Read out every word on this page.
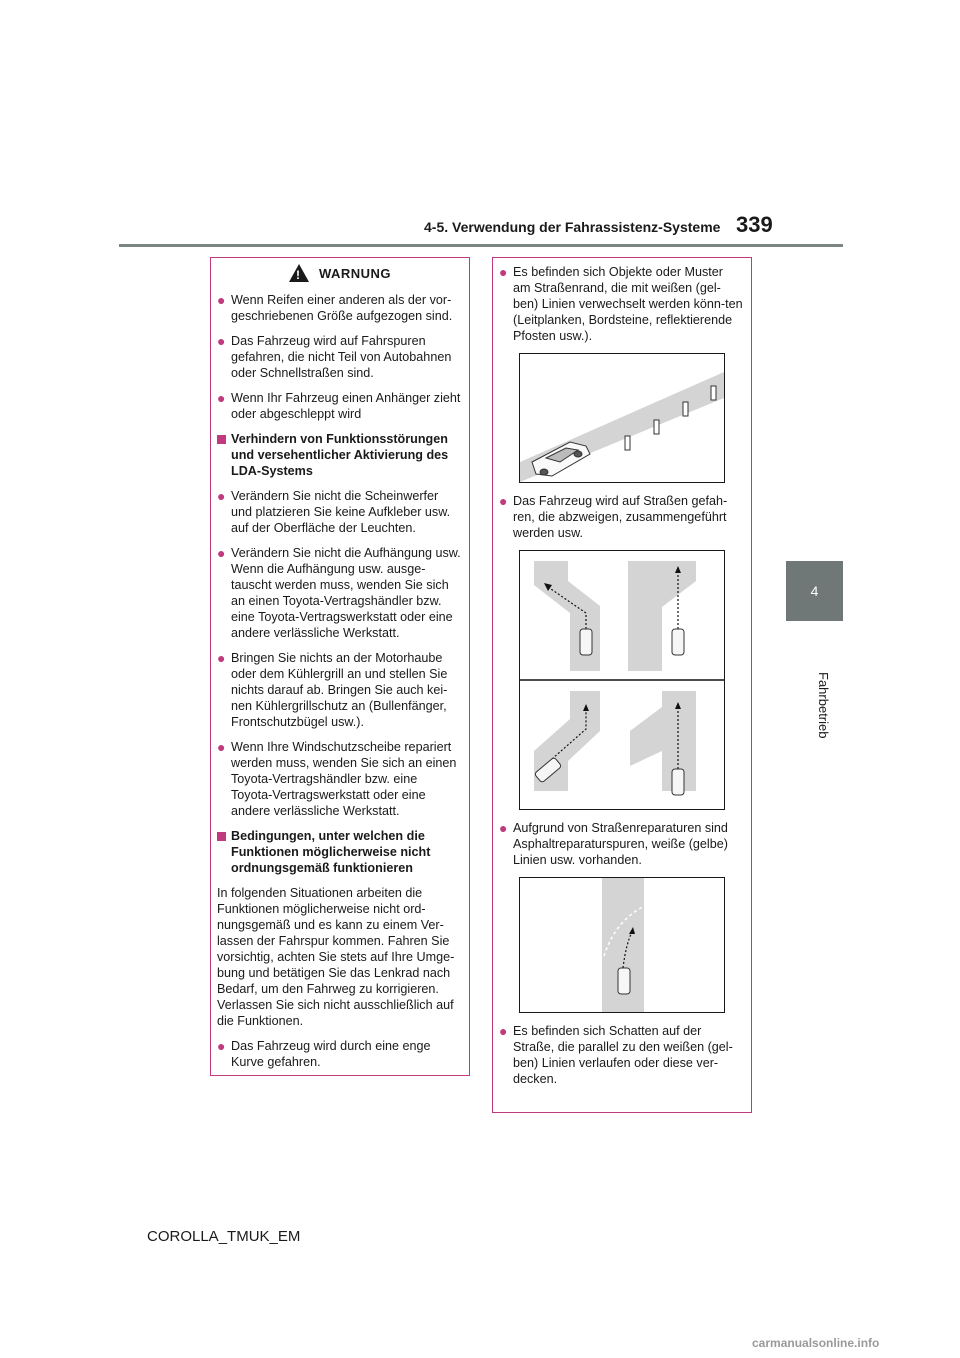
4-5. Verwendung der Fahrassistenz-Systeme 339
4
Fahrbetrieb
!
WARNUNG
● Wenn Reifen einer anderen als der vor-geschriebenen Größe aufgezogen sind.
● Das Fahrzeug wird auf Fahrspuren gefahren, die nicht Teil von Autobahnen oder Schnellstraßen sind.
● Wenn Ihr Fahrzeug einen Anhänger zieht oder abgeschleppt wird
Verhindern von Funktionsstörungen und versehentlicher Aktivierung des LDA-Systems
● Verändern Sie nicht die Scheinwerfer und platzieren Sie keine Aufkleber usw. auf der Oberfläche der Leuchten.
● Verändern Sie nicht die Aufhängung usw. Wenn die Aufhängung usw. ausge-tauscht werden muss, wenden Sie sich an einen Toyota-Vertragshändler bzw. eine Toyota-Vertragswerkstatt oder eine andere verlässliche Werkstatt.
● Bringen Sie nichts an der Motorhaube oder dem Kühlergrill an und stellen Sie nichts darauf ab. Bringen Sie auch kei-nen Kühlergrillschutz an (Bullenfänger, Frontschutzbügel usw.).
● Wenn Ihre Windschutzscheibe repariert werden muss, wenden Sie sich an einen Toyota-Vertragshändler bzw. eine Toyota-Vertragswerkstatt oder eine andere verlässliche Werkstatt.
Bedingungen, unter welchen die Funktionen möglicherweise nicht ordnungsgemäß funktionieren
In folgenden Situationen arbeiten die Funktionen möglicherweise nicht ord-nungsgemäß und es kann zu einem Ver-lassen der Fahrspur kommen. Fahren Sie vorsichtig, achten Sie stets auf Ihre Umge-bung und betätigen Sie das Lenkrad nach Bedarf, um den Fahrweg zu korrigieren. Verlassen Sie sich nicht ausschließlich auf die Funktionen.
● Das Fahrzeug wird durch eine enge Kurve gefahren.
● Es befinden sich Objekte oder Muster am Straßenrand, die mit weißen (gel-ben) Linien verwechselt werden könn-ten (Leitplanken, Bordsteine, reflektierende Pfosten usw.).
● Das Fahrzeug wird auf Straßen gefah-ren, die abzweigen, zusammengeführt werden usw.
● Aufgrund von Straßenreparaturen sind Asphaltreparaturspuren, weiße (gelbe) Linien usw. vorhanden.
● Es befinden sich Schatten auf der Straße, die parallel zu den weißen (gel-ben) Linien verlaufen oder diese ver-decken.
COROLLA_TMUK_EM
carmanualsonline.info
